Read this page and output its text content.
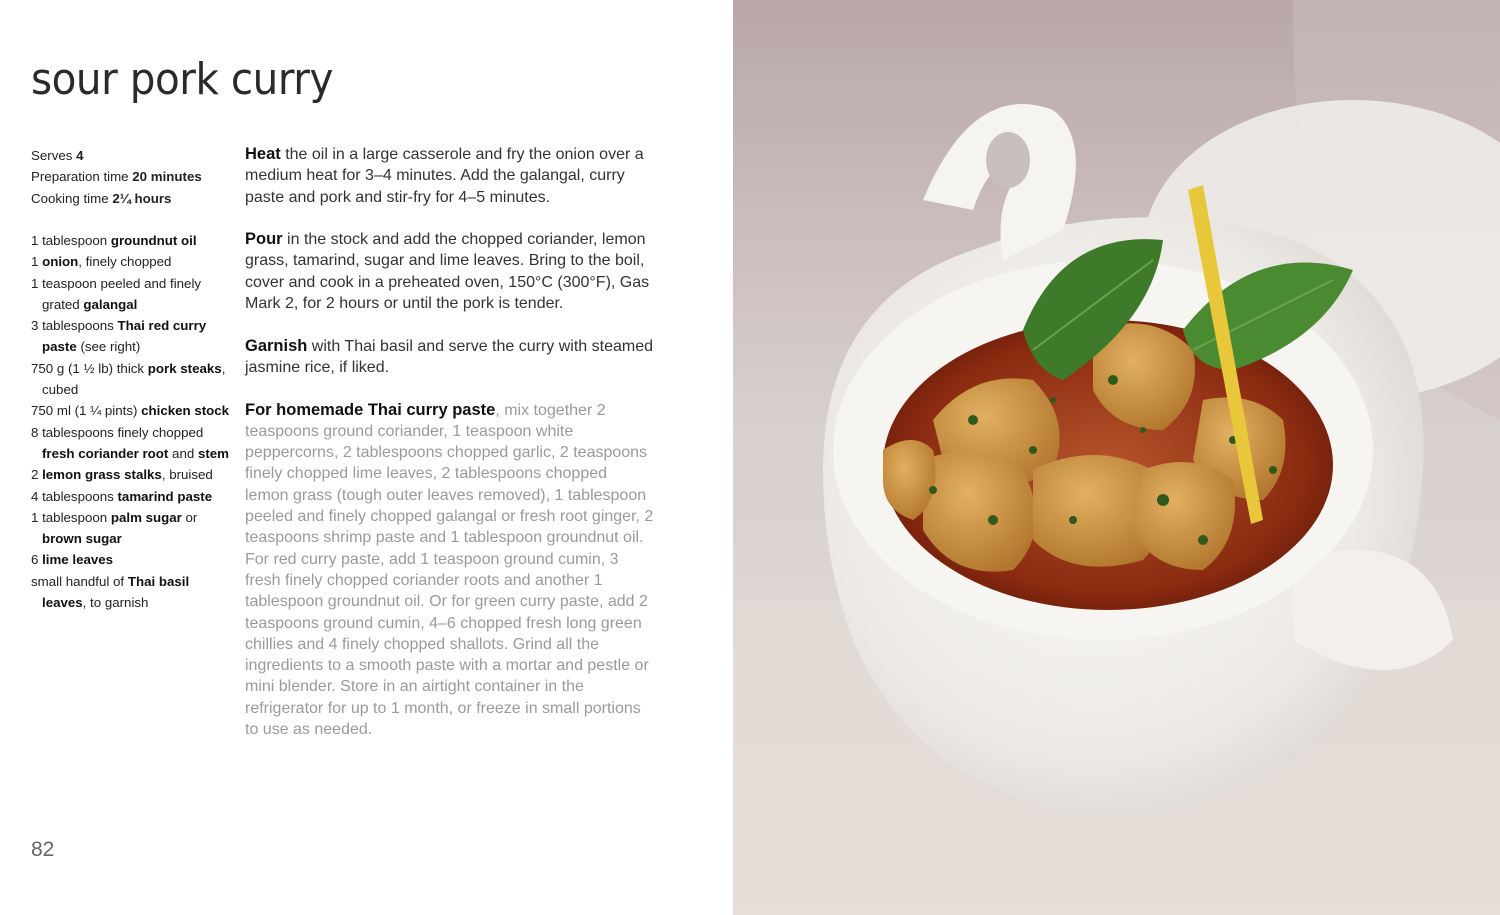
sour pork curry
Serves 4
Preparation time 20 minutes
Cooking time 2¼ hours
1 tablespoon groundnut oil
1 onion, finely chopped
1 teaspoon peeled and finely grated galangal
3 tablespoons Thai red curry paste (see right)
750 g (1 ½ lb) thick pork steaks, cubed
750 ml (1 ¼ pints) chicken stock
8 tablespoons finely chopped fresh coriander root and stem
2 lemon grass stalks, bruised
4 tablespoons tamarind paste
1 tablespoon palm sugar or brown sugar
6 lime leaves
small handful of Thai basil leaves, to garnish

Heat the oil in a large casserole and fry the onion over a medium heat for 3–4 minutes. Add the galangal, curry paste and pork and stir-fry for 4–5 minutes.

Pour in the stock and add the chopped coriander, lemon grass, tamarind, sugar and lime leaves. Bring to the boil, cover and cook in a preheated oven, 150°C (300°F), Gas Mark 2, for 2 hours or until the pork is tender.

Garnish with Thai basil and serve the curry with steamed jasmine rice, if liked.

For homemade Thai curry paste, mix together 2 teaspoons ground coriander, 1 teaspoon white peppercorns, 2 tablespoons chopped garlic, 2 teaspoons finely chopped lime leaves, 2 tablespoons chopped lemon grass (tough outer leaves removed), 1 tablespoon peeled and finely chopped galangal or fresh root ginger, 2 teaspoons shrimp paste and 1 tablespoon groundnut oil. For red curry paste, add 1 teaspoon ground cumin, 3 fresh finely chopped coriander roots and another 1 tablespoon groundnut oil. Or for green curry paste, add 2 teaspoons ground cumin, 4–6 chopped fresh long green chillies and 4 finely chopped shallots. Grind all the ingredients to a smooth paste with a mortar and pestle or mini blender. Store in an airtight container in the refrigerator for up to 1 month, or freeze in small portions to use as needed.

82
